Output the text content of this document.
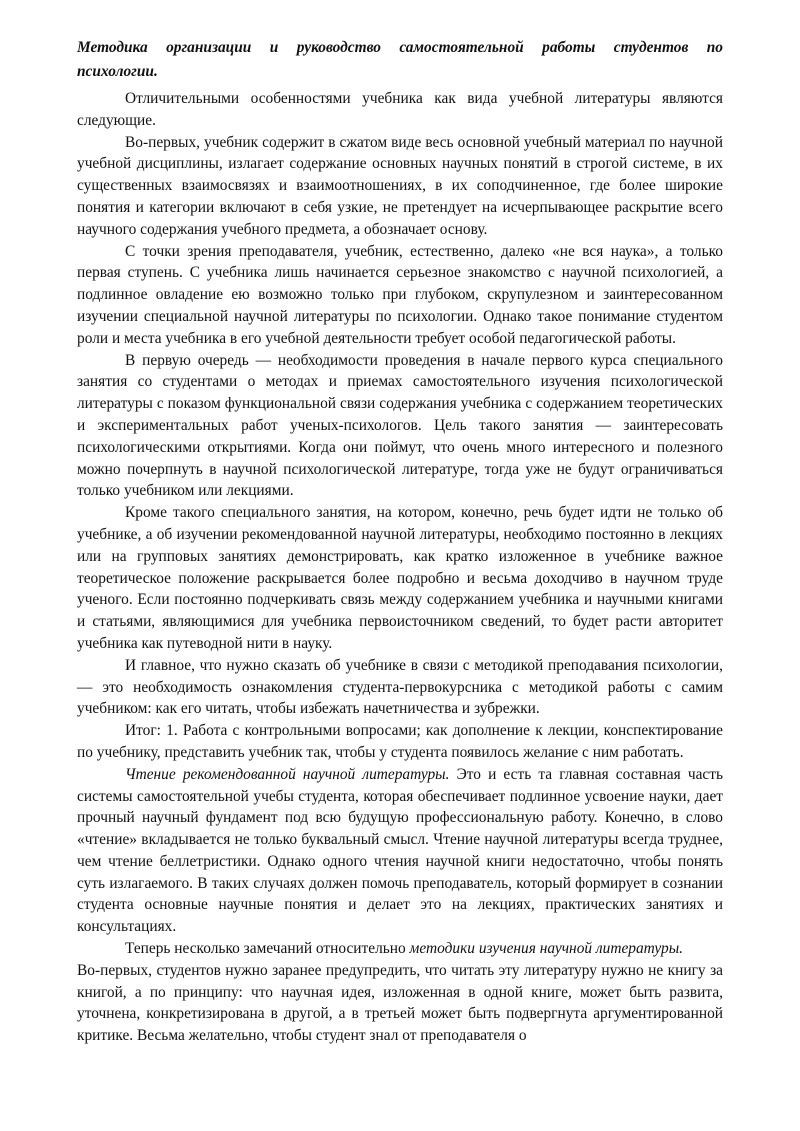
Методика организации и руководство самостоятельной работы студентов по психологии.

Отличительными особенностями учебника как вида учебной литературы являются следующие.

Во-первых, учебник содержит в сжатом виде весь основной учебный материал по научной учебной дисциплины, излагает содержание основных научных понятий в строгой системе, в их существенных взаимосвязях и взаимоотношениях, в их соподчиненное, где более широкие понятия и категории включают в себя узкие, не претендует на исчерпывающее раскрытие всего научного содержания учебного предмета, а обозначает основу.

С точки зрения преподавателя, учебник, естественно, далеко «не вся наука», а только первая ступень. С учебника лишь начинается серьезное знакомство с научной психологией, а подлинное овладение ею возможно только при глубоком, скрупулезном и заинтересованном изучении специальной научной литературы по психологии. Однако такое понимание студентом роли и места учебника в его учебной деятельности требует особой педагогической работы.

В первую очередь — необходимости проведения в начале первого курса специального занятия со студентами о методах и приемах самостоятельного изучения психологической литературы с показом функциональной связи содержания учебника с содержанием теоретических и экспериментальных работ ученых-психологов. Цель такого занятия — заинтересовать психологическими открытиями. Когда они поймут, что очень много интересного и полезного можно почерпнуть в научной психологической литературе, тогда уже не будут ограничиваться только учебником или лекциями.

Кроме такого специального занятия, на котором, конечно, речь будет идти не только об учебнике, а об изучении рекомендованной научной литературы, необходимо постоянно в лекциях или на групповых занятиях демонстрировать, как кратко изложенное в учебнике важное теоретическое положение раскрывается более подробно и весьма доходчиво в научном труде ученого. Если постоянно подчеркивать связь между содержанием учебника и научными книгами и статьями, являющимися для учебника первоисточником сведений, то будет расти авторитет учебника как путеводной нити в науку.

И главное, что нужно сказать об учебнике в связи с методикой преподавания психологии, — это необходимость ознакомления студента-первокурсника с методикой работы с самим учебником: как его читать, чтобы избежать начетничества и зубрежки.

Итог: 1. Работа с контрольными вопросами; как дополнение к лекции, конспектирование по учебнику, представить учебник так, чтобы у студента появилось желание с ним работать.

Чтение рекомендованной научной литературы. Это и есть та главная составная часть системы самостоятельной учебы студента, которая обеспечивает подлинное усвоение науки, дает прочный научный фундамент под всю будущую профессиональную работу. Конечно, в слово «чтение» вкладывается не только буквальный смысл. Чтение научной литературы всегда труднее, чем чтение беллетристики. Однако одного чтения научной книги недостаточно, чтобы понять суть излагаемого. В таких случаях должен помочь преподаватель, который формирует в сознании студента основные научные понятия и делает это на лекциях, практических занятиях и консультациях.

Теперь несколько замечаний относительно методики изучения научной литературы.

Во-первых, студентов нужно заранее предупредить, что читать эту литературу нужно не книгу за книгой, а по принципу: что научная идея, изложенная в одной книге, может быть развита, уточнена, конкретизирована в другой, а в третьей может быть подвергнута аргументированной критике. Весьма желательно, чтобы студент знал от преподавателя о
